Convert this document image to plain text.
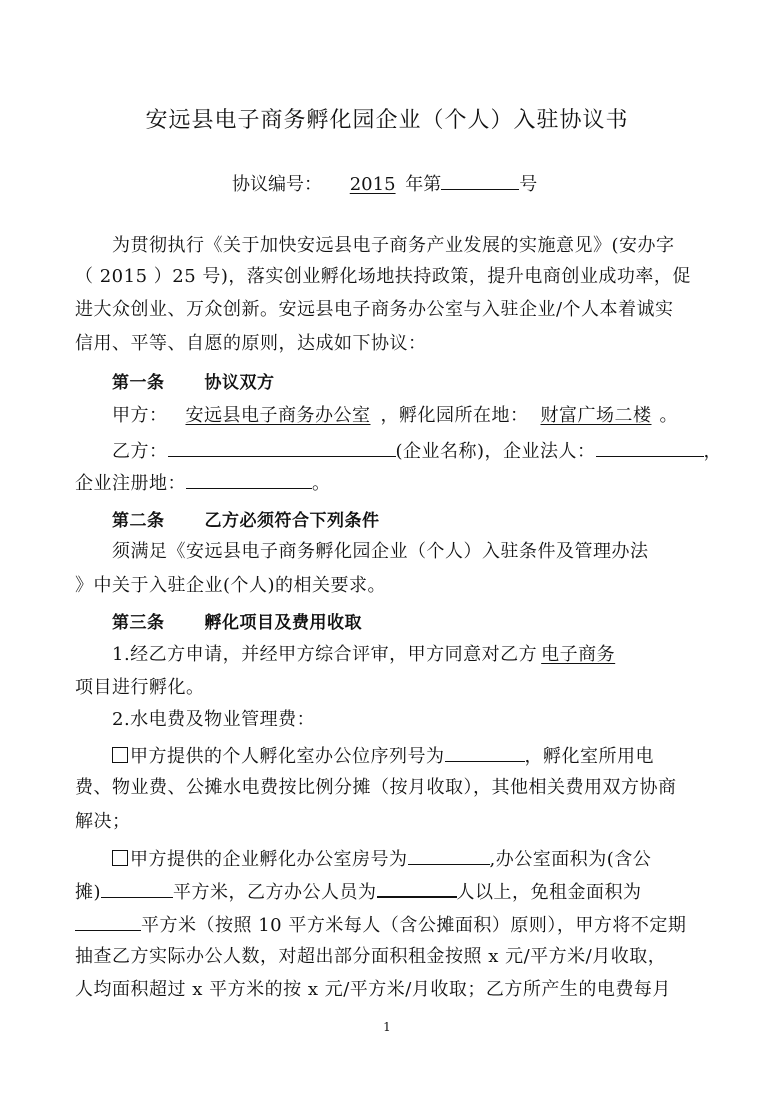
安远县电子商务孵化园企业（个人）入驻协议书
协议编号： 2015 年第	号
为贯彻执行《关于加快安远县电子商务产业发展的实施意见》(安办字
（ 2015 ）25 号)，落实创业孵化场地扶持政策，提升电商创业成功率，促
进大众创业、万众创新。安远县电子商务办公室与入驻企业/个人本着诚实
信用、平等、自愿的原则，达成如下协议：
第一条 协议双方
甲方： 安远县电子商务办公室 ，孵化园所在地： 财富广场二楼 。
乙方：	(企业名称)，企业法人：	，
企业注册地：	。
第二条 乙方必须符合下列条件
须满足《安远县电子商务孵化园企业（个人）入驻条件及管理办法
》中关于入驻企业(个人)的相关要求。
第三条 孵化项目及费用收取
1.经乙方申请，并经甲方综合评审，甲方同意对乙方 电子商务
项目进行孵化。
2.水电费及物业管理费：
甲方提供的个人孵化室办公位序列号为	，孵化室所用电
费、物业费、公摊水电费按比例分摊（按月收取），其他相关费用双方协商
解决；
甲方提供的企业孵化办公室房号为	,办公室面积为(含公
摊)	平方米，乙方办公人员为	人以上，免租金面积为
平方米（按照 10 平方米每人（含公摊面积）原则），甲方将不定期
抽查乙方实际办公人数，对超出部分面积租金按照 x 元/平方米/月收取，
人均面积超过 x 平方米的按 x 元/平方米/月收取；乙方所产生的电费每月
1
